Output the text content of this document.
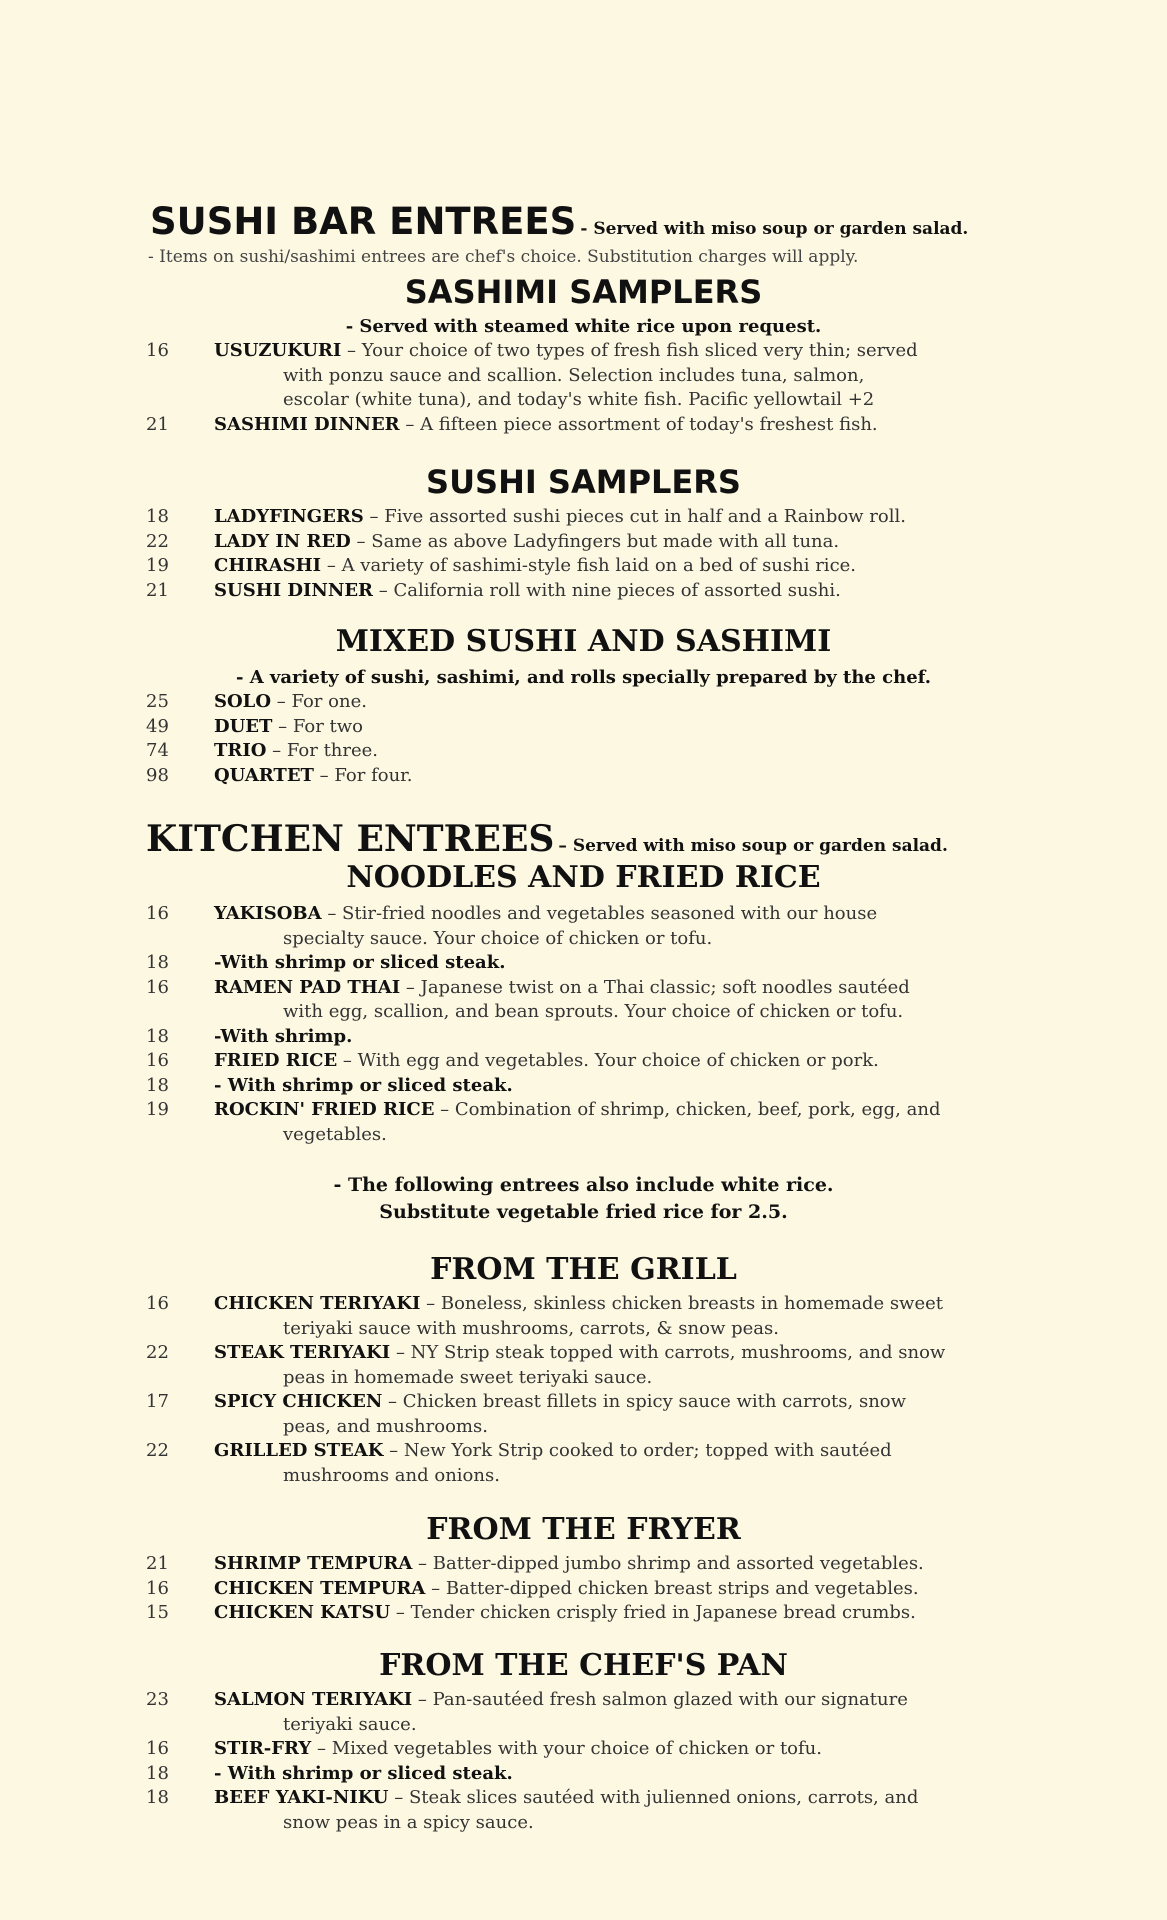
SUSHI BAR ENTREES - Served with miso soup or garden salad.
- Items on sushi/sashimi entrees are chef's choice. Substitution charges will apply.
SASHIMI SAMPLERS
- Served with steamed white rice upon request.
16	USUZUKURI – Your choice of two types of fresh fish sliced very thin; served
with ponzu sauce and scallion. Selection includes tuna, salmon,
escolar (white tuna), and today's white fish. Pacific yellowtail +2
21	SASHIMI DINNER – A fifteen piece assortment of today's freshest fish.
SUSHI SAMPLERS
18	LADYFINGERS – Five assorted sushi pieces cut in half and a Rainbow roll.
22	LADY IN RED – Same as above Ladyfingers but made with all tuna.
19	CHIRASHI – A variety of sashimi-style fish laid on a bed of sushi rice.
21	SUSHI DINNER – California roll with nine pieces of assorted sushi.
MIXED SUSHI AND SASHIMI
- A variety of sushi, sashimi, and rolls specially prepared by the chef.
25	SOLO – For one.
49	DUET – For two
74	TRIO – For three.
98	QUARTET – For four.
KITCHEN ENTREES – Served with miso soup or garden salad.
NOODLES AND FRIED RICE
16	YAKISOBA – Stir-fried noodles and vegetables seasoned with our house
specialty sauce. Your choice of chicken or tofu.
18	-With shrimp or sliced steak.
16	RAMEN PAD THAI – Japanese twist on a Thai classic; soft noodles sautéed
with egg, scallion, and bean sprouts. Your choice of chicken or tofu.
18	-With shrimp.
16	FRIED RICE – With egg and vegetables. Your choice of chicken or pork.
18	- With shrimp or sliced steak.
19	ROCKIN' FRIED RICE – Combination of shrimp, chicken, beef, pork, egg, and
vegetables.
- The following entrees also include white rice.
Substitute vegetable fried rice for 2.5.
FROM THE GRILL
16	CHICKEN TERIYAKI – Boneless, skinless chicken breasts in homemade sweet
teriyaki sauce with mushrooms, carrots, & snow peas.
22	STEAK TERIYAKI – NY Strip steak topped with carrots, mushrooms, and snow
peas in homemade sweet teriyaki sauce.
17	SPICY CHICKEN – Chicken breast fillets in spicy sauce with carrots, snow
peas, and mushrooms.
22	GRILLED STEAK – New York Strip cooked to order; topped with sautéed
mushrooms and onions.
FROM THE FRYER
21	SHRIMP TEMPURA – Batter-dipped jumbo shrimp and assorted vegetables.
16	CHICKEN TEMPURA – Batter-dipped chicken breast strips and vegetables.
15	CHICKEN KATSU – Tender chicken crisply fried in Japanese bread crumbs.
FROM THE CHEF'S PAN
23	SALMON TERIYAKI – Pan-sautéed fresh salmon glazed with our signature
teriyaki sauce.
16	STIR-FRY – Mixed vegetables with your choice of chicken or tofu.
18	- With shrimp or sliced steak.
18	BEEF YAKI-NIKU – Steak slices sautéed with julienned onions, carrots, and
snow peas in a spicy sauce.
